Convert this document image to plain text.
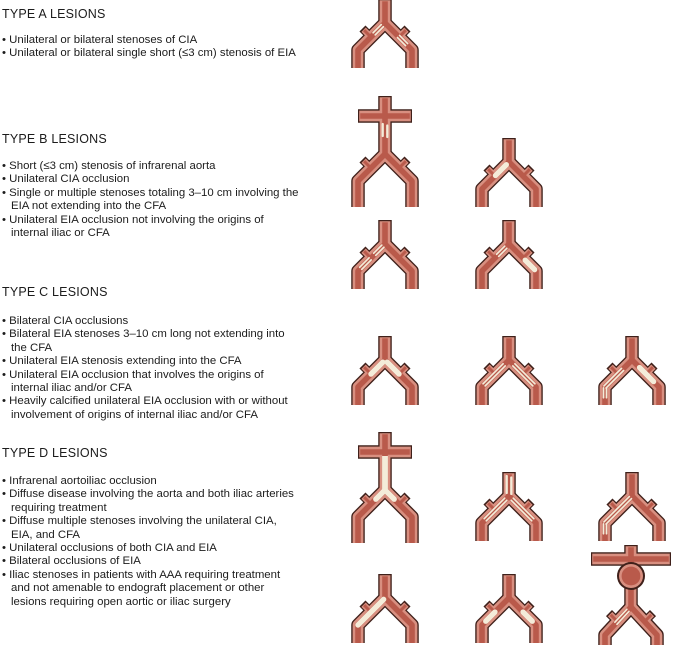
TYPE A LESIONS
• Unilateral or bilateral stenoses of CIA
• Unilateral or bilateral single short (≤3 cm) stenosis of EIA
TYPE B LESIONS
• Short (≤3 cm) stenosis of infrarenal aorta
• Unilateral CIA occlusion
• Single or multiple stenoses totaling 3–10 cm involving the
EIA not extending into the CFA
• Unilateral EIA occlusion not involving the origins of
internal iliac or CFA
TYPE C LESIONS
• Bilateral CIA occlusions
• Bilateral EIA stenoses 3–10 cm long not extending into
the CFA
• Unilateral EIA stenosis extending into the CFA
• Unilateral EIA occlusion that involves the origins of
internal iliac and/or CFA
• Heavily calcified unilateral EIA occlusion with or without
involvement of origins of internal iliac and/or CFA
TYPE D LESIONS
• Infrarenal aortoiliac occlusion
• Diffuse disease involving the aorta and both iliac arteries
requiring treatment
• Diffuse multiple stenoses involving the unilateral CIA,
EIA, and CFA
• Unilateral occlusions of both CIA and EIA
• Bilateral occlusions of EIA
• Iliac stenoses in patients with AAA requiring treatment
and not amenable to endograft placement or other
lesions requiring open aortic or iliac surgery
